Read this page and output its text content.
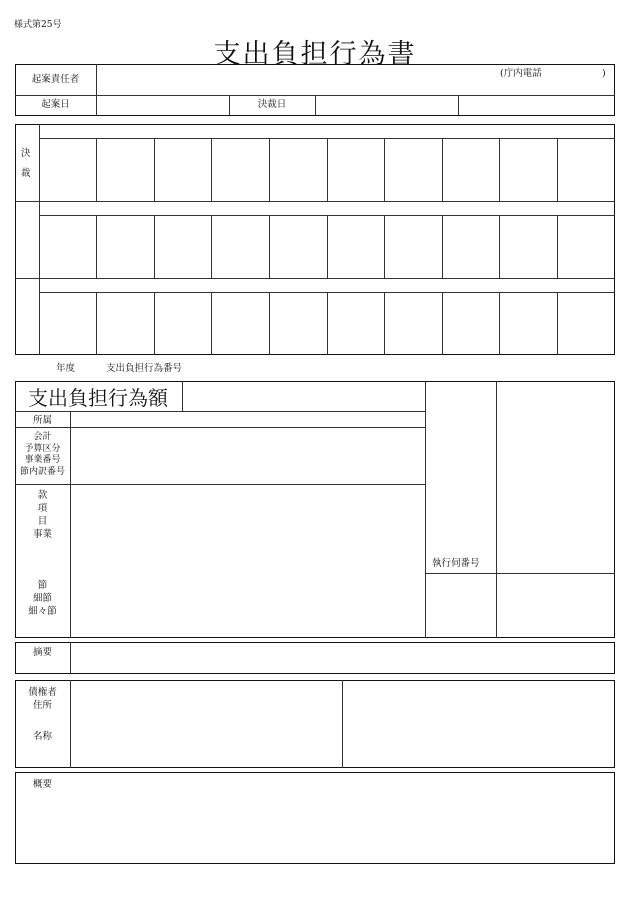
様式第25号
支出負担行為書
起案責任者
(庁内電話	)
起案日	決裁日
決
裁
年度	支出負担行為番号
支出負担行為額
執行伺番号
所属
会計
予算区分
事業番号
節内訳番号
款
項
目
事業
節
細節
細々節
摘要
債権者
住所
名称
概要
